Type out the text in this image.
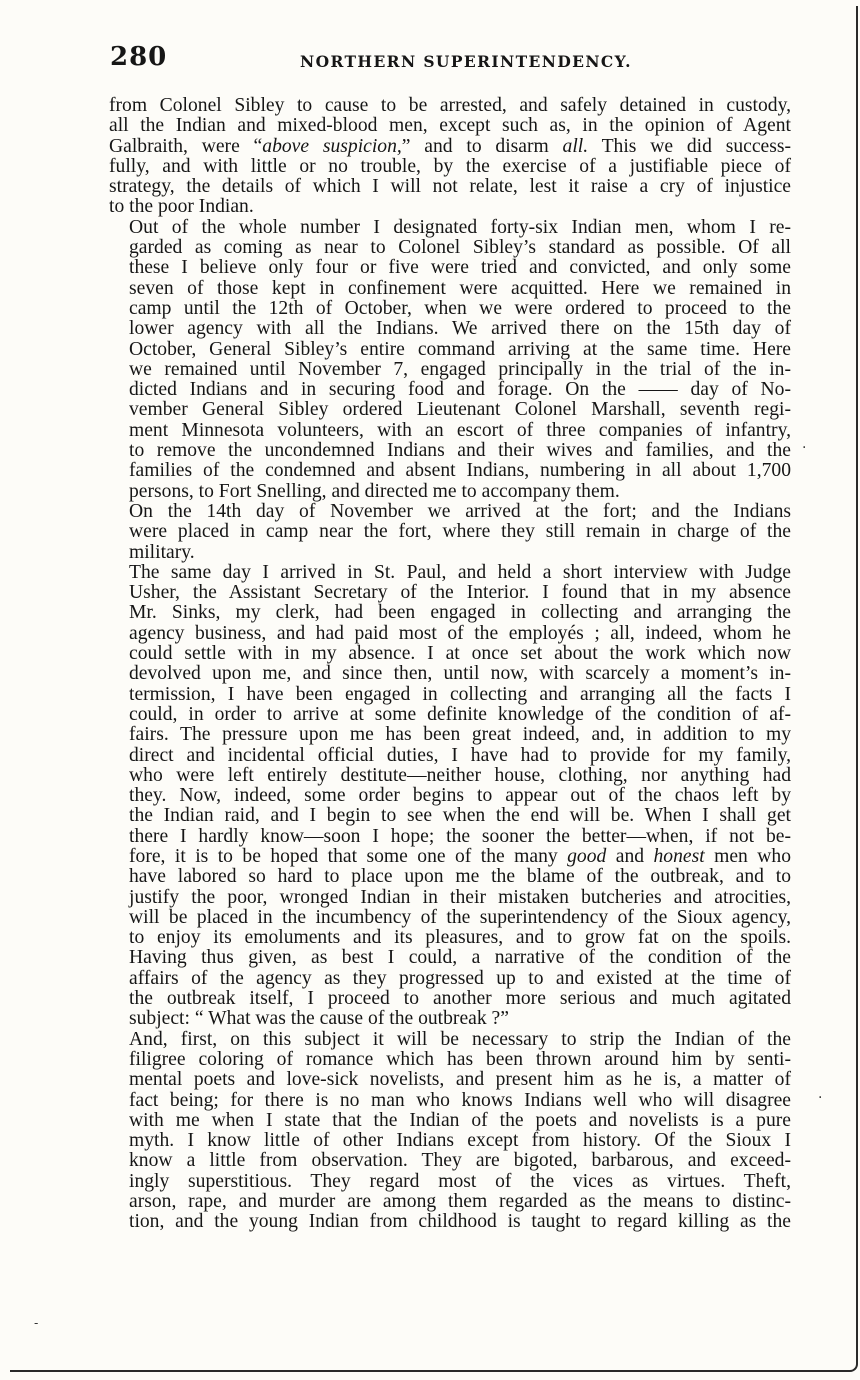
280	NORTHERN SUPERINTENDENCY.

from Colonel Sibley to cause to be arrested, and safely detained in custody,
all the Indian and mixed-blood men, except such as, in the opinion of Agent
Galbraith, were “above suspicion,” and to disarm all. This we did success-
fully, and with little or no trouble, by the exercise of a justifiable piece of
strategy, the details of which I will not relate, lest it raise a cry of injustice
to the poor Indian.

Out of the whole number I designated forty-six Indian men, whom I re-
garded as coming as near to Colonel Sibley’s standard as possible. Of all
these I believe only four or five were tried and convicted, and only some
seven of those kept in confinement were acquitted. Here we remained in
camp until the 12th of October, when we were ordered to proceed to the
lower agency with all the Indians. We arrived there on the 15th day of
October, General Sibley’s entire command arriving at the same time. Here
we remained until November 7, engaged principally in the trial of the in-
dicted Indians and in securing food and forage. On the —— day of No-
vember General Sibley ordered Lieutenant Colonel Marshall, seventh regi-
ment Minnesota volunteers, with an escort of three companies of infantry,
to remove the uncondemned Indians and their wives and families, and the
families of the condemned and absent Indians, numbering in all about 1,700
persons, to Fort Snelling, and directed me to accompany them.

On the 14th day of November we arrived at the fort; and the Indians
were placed in camp near the fort, where they still remain in charge of the
military.

The same day I arrived in St. Paul, and held a short interview with Judge
Usher, the Assistant Secretary of the Interior. I found that in my absence
Mr. Sinks, my clerk, had been engaged in collecting and arranging the
agency business, and had paid most of the employés ; all, indeed, whom he
could settle with in my absence. I at once set about the work which now
devolved upon me, and since then, until now, with scarcely a moment’s in-
termission, I have been engaged in collecting and arranging all the facts I
could, in order to arrive at some definite knowledge of the condition of af-
fairs. The pressure upon me has been great indeed, and, in addition to my
direct and incidental official duties, I have had to provide for my family,
who were left entirely destitute—neither house, clothing, nor anything had
they. Now, indeed, some order begins to appear out of the chaos left by
the Indian raid, and I begin to see when the end will be. When I shall get
there I hardly know—soon I hope; the sooner the better—when, if not be-
fore, it is to be hoped that some one of the many good and honest men who
have labored so hard to place upon me the blame of the outbreak, and to
justify the poor, wronged Indian in their mistaken butcheries and atrocities,
will be placed in the incumbency of the superintendency of the Sioux agency,
to enjoy its emoluments and its pleasures, and to grow fat on the spoils.
Having thus given, as best I could, a narrative of the condition of the
affairs of the agency as they progressed up to and existed at the time of
the outbreak itself, I proceed to another more serious and much agitated
subject: “ What was the cause of the outbreak ?”

And, first, on this subject it will be necessary to strip the Indian of the
filigree coloring of romance which has been thrown around him by senti-
mental poets and love-sick novelists, and present him as he is, a matter of
fact being; for there is no man who knows Indians well who will disagree
with me when I state that the Indian of the poets and novelists is a pure
myth. I know little of other Indians except from history. Of the Sioux I
know a little from observation. They are bigoted, barbarous, and exceed-
ingly superstitious. They regard most of the vices as virtues. Theft,
arson, rape, and murder are among them regarded as the means to distinc-
tion, and the young Indian from childhood is taught to regard killing as the

·
·
‐
